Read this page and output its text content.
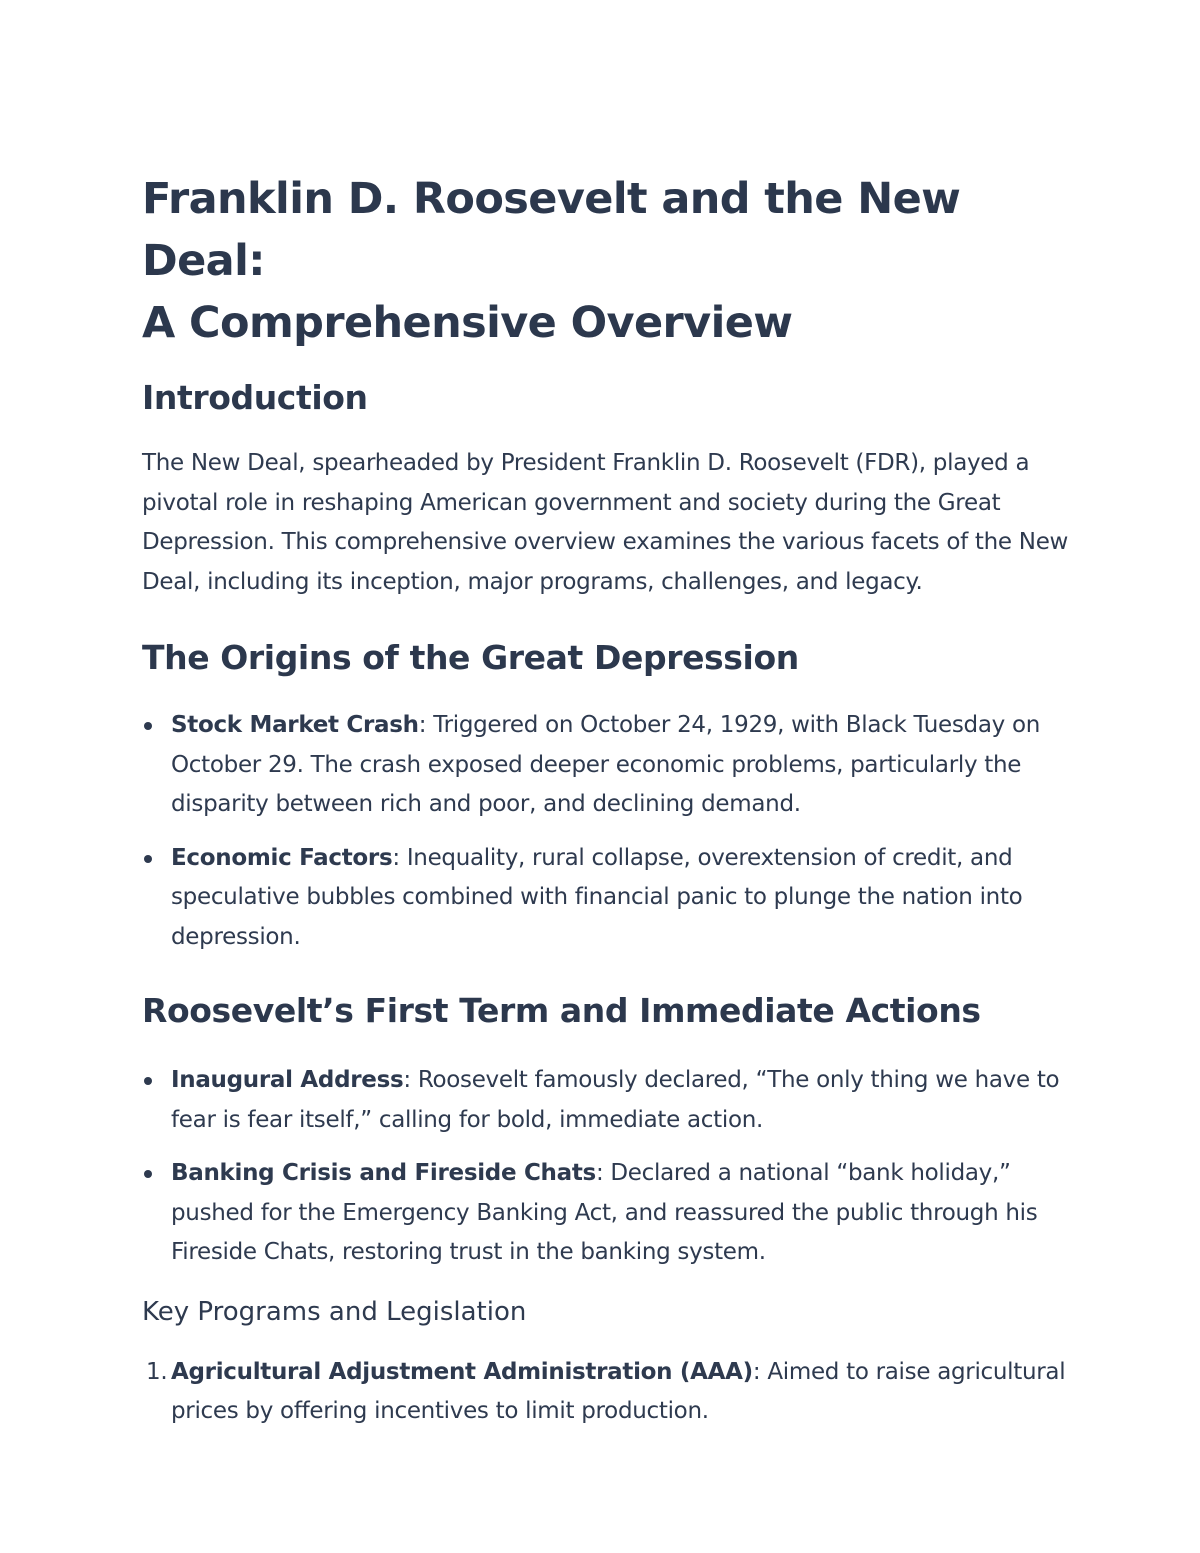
Franklin D. Roosevelt and the New Deal:
A Comprehensive Overview
Introduction

The New Deal, spearheaded by President Franklin D. Roosevelt (FDR), played a pivotal role in reshaping American government and society during the Great Depression. This comprehensive overview examines the various facets of the New Deal, including its inception, major programs, challenges, and legacy.

The Origins of the Great Depression
Stock Market Crash: Triggered on October 24, 1929, with Black Tuesday on October 29. The crash exposed deeper economic problems, particularly the disparity between rich and poor, and declining demand.
Economic Factors: Inequality, rural collapse, overextension of credit, and speculative bubbles combined with financial panic to plunge the nation into depression.
Roosevelt’s First Term and Immediate Actions
Inaugural Address: Roosevelt famously declared, “The only thing we have to fear is fear itself,” calling for bold, immediate action.
Banking Crisis and Fireside Chats: Declared a national “bank holiday,” pushed for the Emergency Banking Act, and reassured the public through his Fireside Chats, restoring trust in the banking system.
Key Programs and Legislation
1. Agricultural Adjustment Administration (AAA): Aimed to raise agricultural prices by offering incentives to limit production.
